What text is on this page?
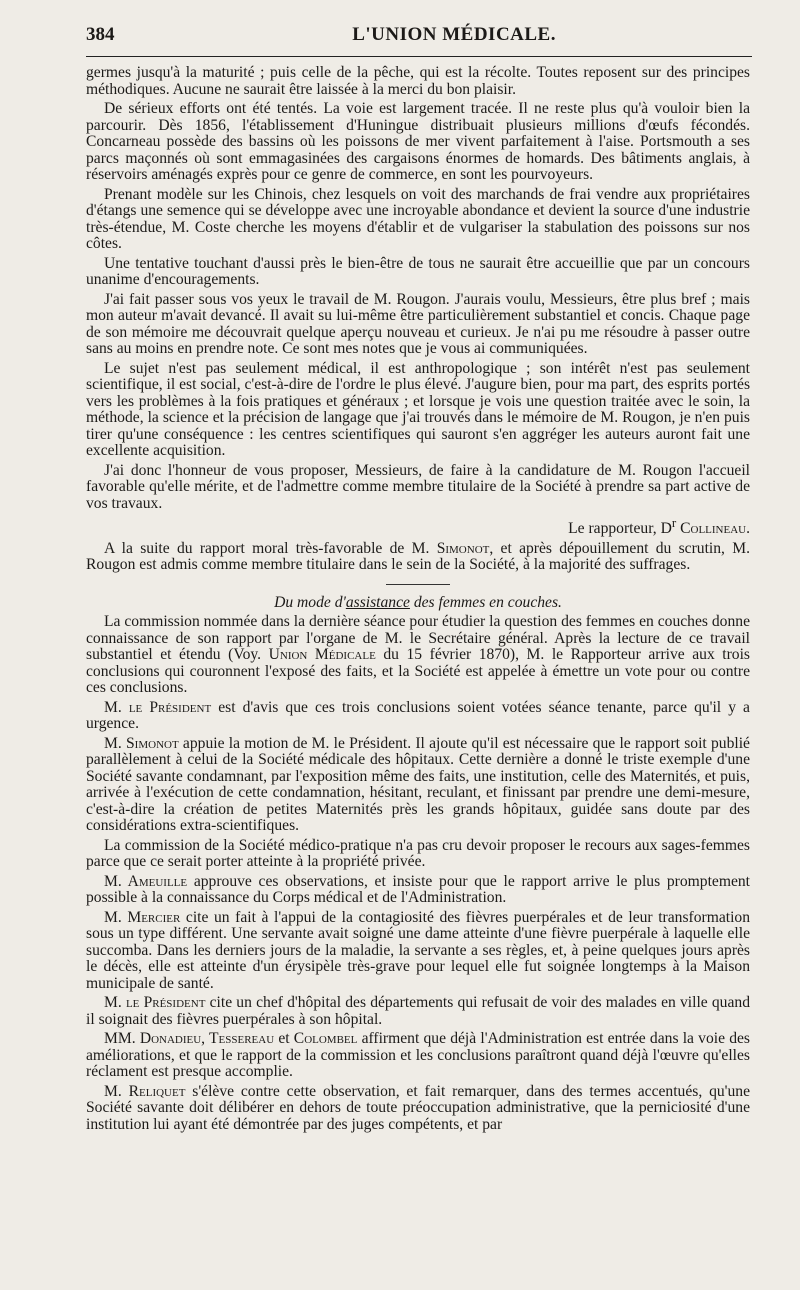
384	L'UNION MÉDICALE.

germes jusqu'à la maturité ; puis celle de la pêche, qui est la récolte. Toutes reposent sur des principes méthodiques. Aucune ne saurait être laissée à la merci du bon plaisir.

De sérieux efforts ont été tentés. La voie est largement tracée. Il ne reste plus qu'à vouloir bien la parcourir. Dès 1856, l'établissement d'Huningue distribuait plusieurs millions d'œufs fécondés. Concarneau possède des bassins où les poissons de mer vivent parfaitement à l'aise. Portsmouth a ses parcs maçonnés où sont emmagasinées des cargaisons énormes de homards. Des bâtiments anglais, à réservoirs aménagés exprès pour ce genre de commerce, en sont les pourvoyeurs.

Prenant modèle sur les Chinois, chez lesquels on voit des marchands de frai vendre aux propriétaires d'étangs une semence qui se développe avec une incroyable abondance et devient la source d'une industrie très-étendue, M. Coste cherche les moyens d'établir et de vulgariser la stabulation des poissons sur nos côtes.

Une tentative touchant d'aussi près le bien-être de tous ne saurait être accueillie que par un concours unanime d'encouragements.

J'ai fait passer sous vos yeux le travail de M. Rougon. J'aurais voulu, Messieurs, être plus bref ; mais mon auteur m'avait devancé. Il avait su lui-même être particulièrement substantiel et concis. Chaque page de son mémoire me découvrait quelque aperçu nouveau et curieux. Je n'ai pu me résoudre à passer outre sans au moins en prendre note. Ce sont mes notes que je vous ai communiquées.

Le sujet n'est pas seulement médical, il est anthropologique ; son intérêt n'est pas seulement scientifique, il est social, c'est-à-dire de l'ordre le plus élevé. J'augure bien, pour ma part, des esprits portés vers les problèmes à la fois pratiques et généraux ; et lorsque je vois une question traitée avec le soin, la méthode, la science et la précision de langage que j'ai trouvés dans le mémoire de M. Rougon, je n'en puis tirer qu'une conséquence : les centres scientifiques qui sauront s'en aggréger les auteurs auront fait une excellente acquisition.

J'ai donc l'honneur de vous proposer, Messieurs, de faire à la candidature de M. Rougon l'accueil favorable qu'elle mérite, et de l'admettre comme membre titulaire de la Société à prendre sa part active de vos travaux.

Le rapporteur, $D^r$ Collineau.

A la suite du rapport moral très-favorable de M. Simonot, et après dépouillement du scrutin, M. Rougon est admis comme membre titulaire dans le sein de la Société, à la majorité des suffrages.

Du mode d'assistance des femmes en couches.

La commission nommée dans la dernière séance pour étudier la question des femmes en couches donne connaissance de son rapport par l'organe de M. le Secrétaire général. Après la lecture de ce travail substantiel et étendu (Voy. Union Médicale du 15 février 1870), M. le Rapporteur arrive aux trois conclusions qui couronnent l'exposé des faits, et la Société est appelée à émettre un vote pour ou contre ces conclusions.

M. le Président est d'avis que ces trois conclusions soient votées séance tenante, parce qu'il y a urgence.

M. Simonot appuie la motion de M. le Président. Il ajoute qu'il est nécessaire que le rapport soit publié parallèlement à celui de la Société médicale des hôpitaux. Cette dernière a donné le triste exemple d'une Société savante condamnant, par l'exposition même des faits, une institution, celle des Maternités, et puis, arrivée à l'exécution de cette condamnation, hésitant, reculant, et finissant par prendre une demi-mesure, c'est-à-dire la création de petites Maternités près les grands hôpitaux, guidée sans doute par des considérations extra-scientifiques.

La commission de la Société médico-pratique n'a pas cru devoir proposer le recours aux sages-femmes parce que ce serait porter atteinte à la propriété privée.

M. Ameuille approuve ces observations, et insiste pour que le rapport arrive le plus promptement possible à la connaissance du Corps médical et de l'Administration.

M. Mercier cite un fait à l'appui de la contagiosité des fièvres puerpérales et de leur transformation sous un type différent. Une servante avait soigné une dame atteinte d'une fièvre puerpérale à laquelle elle succomba. Dans les derniers jours de la maladie, la servante a ses règles, et, à peine quelques jours après le décès, elle est atteinte d'un érysipèle très-grave pour lequel elle fut soignée longtemps à la Maison municipale de santé.

M. le Président cite un chef d'hôpital des départements qui refusait de voir des malades en ville quand il soignait des fièvres puerpérales à son hôpital.

MM. Donadieu, Tessereau et Colombel affirment que déjà l'Administration est entrée dans la voie des améliorations, et que le rapport de la commission et les conclusions paraîtront quand déjà l'œuvre qu'elles réclament est presque accomplie.

M. Reliquet s'élève contre cette observation, et fait remarquer, dans des termes accentués, qu'une Société savante doit délibérer en dehors de toute préoccupation administrative, que la perniciosité d'une institution lui ayant été démontrée par des juges compétents, et par
